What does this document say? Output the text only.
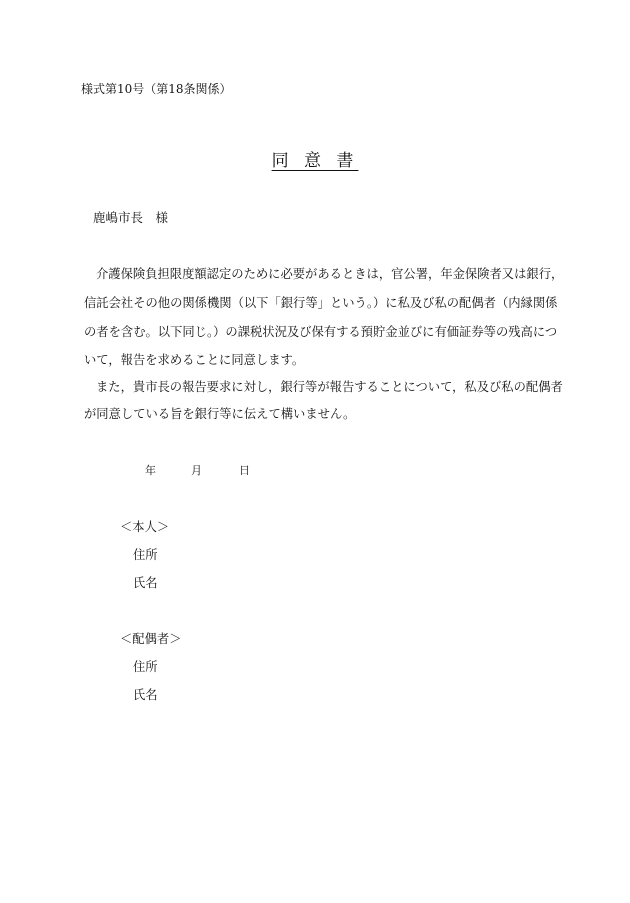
様式第10号（第18条関係）
同 意 書
鹿嶋市長　様
介護保険負担限度額認定のために必要があるときは，官公署，年金保険者又は銀行，
信託会社その他の関係機関（以下「銀行等」という。）に私及び私の配偶者（内縁関係
の者を含む。以下同じ。）の課税状況及び保有する預貯金並びに有価証券等の残高につ
いて，報告を求めることに同意します。
また，貴市長の報告要求に対し，銀行等が報告することについて，私及び私の配偶者
が同意している旨を銀行等に伝えて構いません。
年	月	日
＜本人＞
住所
氏名
＜配偶者＞
住所
氏名
